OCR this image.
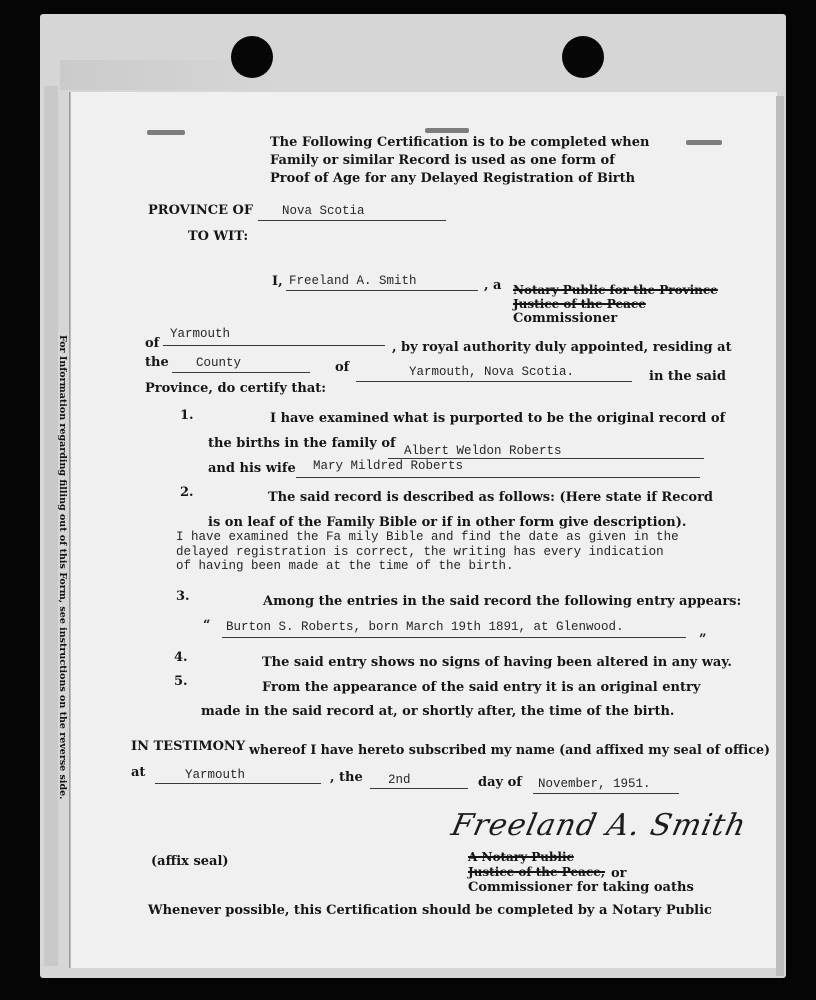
For Information regarding filling out of this Form, see instructions on the reverse side.
The Following Certification is to be completed when
Family or similar Record is used as one form of
Proof of Age for any Delayed Registration of Birth
PROVINCE OF Nova Scotia
TO WIT:
I, Freeland A. Smith	, a Notary Public for the Province
Justice of the Peace
Commissioner
of
Yarmouth
, by royal authority duly appointed, residing at
the County	of	Yarmouth, Nova Scotia.	in the said
Province, do certify that:
1.	I have examined what is purported to be the original record of
the births in the family of Albert Weldon Roberts
and his wife Mary Mildred Roberts
2.	The said record is described as follows: (Here state if Record
is on leaf of the Family Bible or if in other form give description).
I have examined the Fa mily Bible and find the date as given in the
delayed registration is correct, the writing has every indication
of having been made at the time of the birth.
3.	Among the entries in the said record the following entry appears:
“ Burton S. Roberts, born March 19th 1891, at Glenwood.
”
4.	The said entry shows no signs of having been altered in any way.
5.	From the appearance of the said entry it is an original entry
made in the said record at, or shortly after, the time of the birth.
IN TESTIMONY whereof I have hereto subscribed my name (and affixed my seal of office)
at	Yarmouth	, the 2nd	day of November, 1951.
Freeland A. Smith
(affix seal)	A Notary Public
Justice of the Peace, or
Commissioner for taking oaths
Whenever possible, this Certification should be completed by a Notary Public
